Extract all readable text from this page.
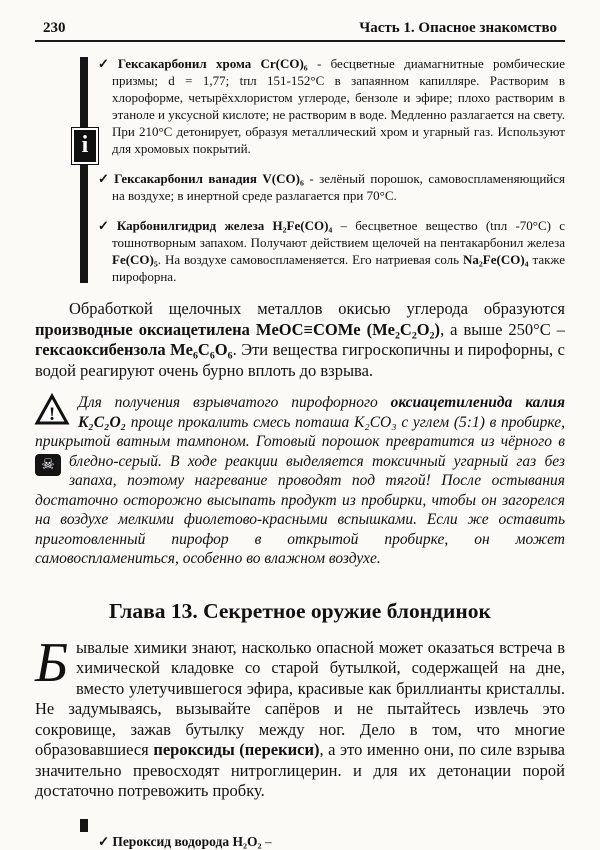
230	Часть 1. Опасное знакомство
i

✓ Гексакарбонил хрома Cr(CO)₆ - бесцветные диамагнитные ромбические призмы; d = 1,77; tпл 151-152°С в запаянном капилляре. Растворим в хлороформе, четырёххлористом углероде, бензоле и эфире; плохо растворим в этаноле и уксусной кислоте; не растворим в воде. Медленно разлагается на свету. При 210°С детонирует, образуя металлический хром и угарный газ. Используют для хромовых покрытий.

✓ Гексакарбонил ванадия V(CO)₆ - зелёный порошок, самовоспламеняющийся на воздухе; в инертной среде разлагается при 70°С.

✓ Карбонилгидрид железа H₂Fe(CO)₄ – бесцветное вещество (tпл -70°С) с тошнотворным запахом. Получают действием щелочей на пентакарбонил железа Fe(CO)₅. На воздухе самовоспламеняется. Его натриевая соль Na₂Fe(CO)₄ также пирофорна.

Обработкой щелочных металлов окисью углерода образуются производные оксиацетилена MeOC≡COMe (Me₂C₂O₂), а выше 250°С – гексаоксибензола Me₆C₆O₆. Эти вещества гигроскопичны и пирофорны, с водой реагируют очень бурно вплоть до взрыва.

!
Для получения взрывчатого пирофорного оксиацетиленида калия K₂C₂O₂ проще прокалить смесь поташа K₂CO₃ с углем (5:1) в пробирке, прикрытой ватным тампоном. Готовый порошок превратится из чёрного в бледно-серый. В ходе реакции выделяется
☠	токсичный угарный газ без запаха, поэтому нагревание проводят под тягой! После остывания достаточно осторожно высыпать продукт из пробирки, чтобы он загорелся на воздухе мелкими фиолетово-красными вспышками. Если же оставить приготовленный пирофор в открытой пробирке, он может самовоспламениться, особенно во влажном воздухе.

Глава 13. Секретное оружие блондинок

Бывалые химики знают, насколько опасной может оказаться встреча в химической кладовке со старой бутылкой, содержащей на дне, вместо улетучившегося эфира, красивые как бриллианты кристаллы. Не задумываясь, вызывайте сапёров и не пытайтесь извлечь это сокровище, зажав бутылку между ног. Дело в том, что многие образовавшиеся пероксиды (перекиси), а это именно они, по силе взрыва значительно превосходят нитроглицерин. и для их детонации порой достаточно потревожить пробку.

✓ Пероксид водорода Н₂О₂ –
